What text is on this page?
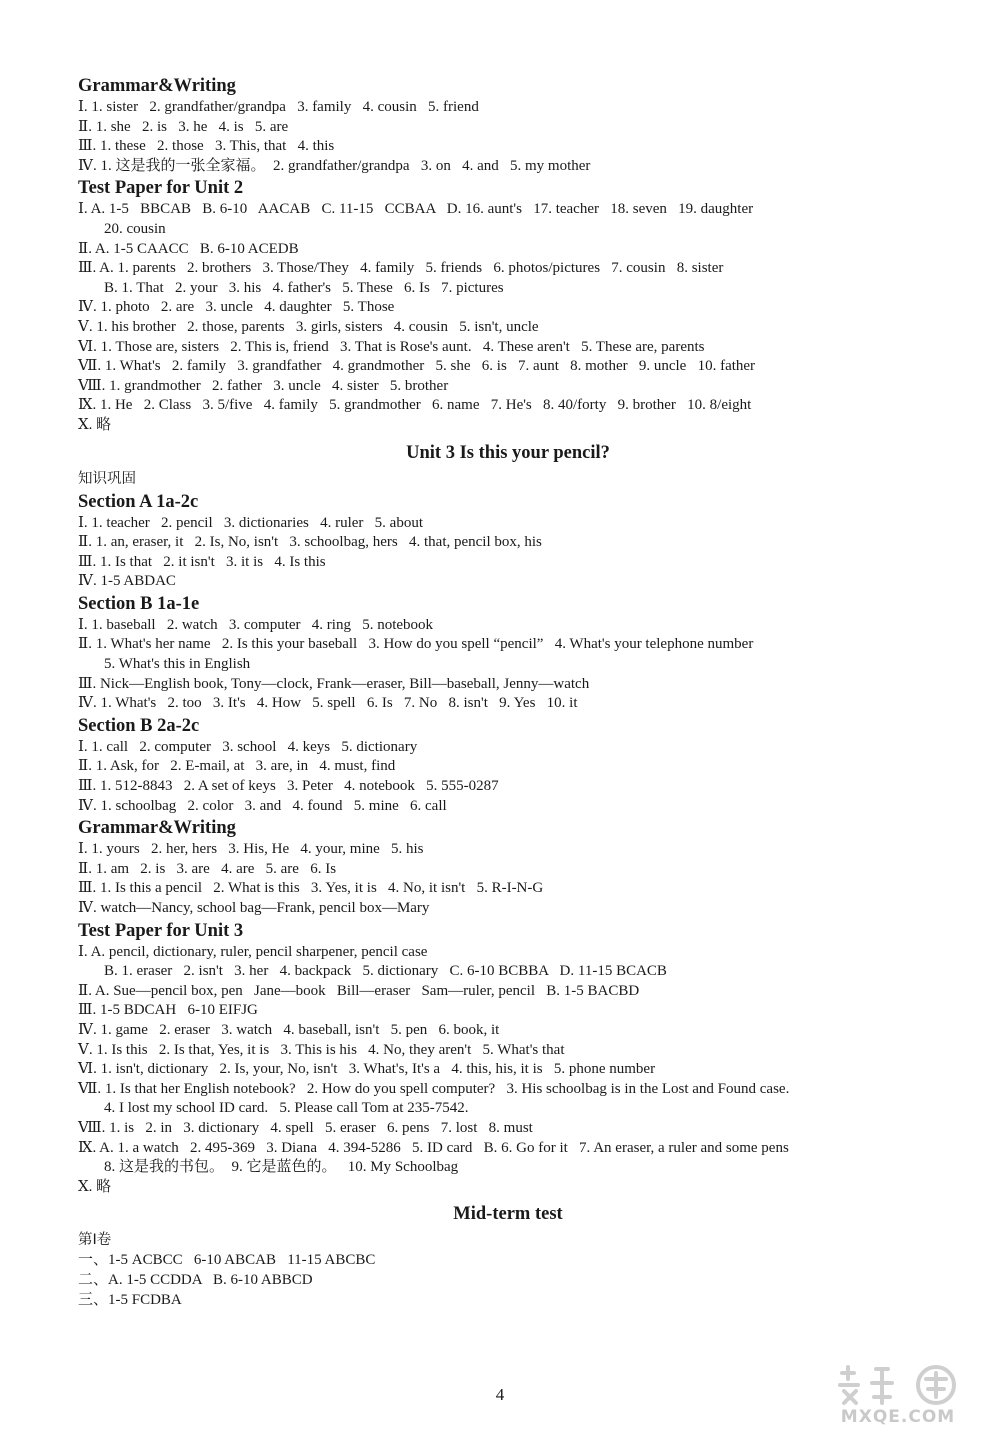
Grammar&Writing
Ⅰ. 1. sister   2. grandfather/grandpa   3. family   4. cousin   5. friend
Ⅱ. 1. she   2. is   3. he   4. is   5. are
Ⅲ. 1. these   2. those   3. This, that   4. this
Ⅳ. 1. 这是我的一张全家福。  2. grandfather/grandpa   3. on   4. and   5. my mother
Test Paper for Unit 2
Ⅰ. A. 1-5   BBCAB   B. 6-10   AACAB   C. 11-15   CCBAA   D. 16. aunt's   17. teacher   18. seven   19. daughter
20. cousin
Ⅱ. A. 1-5 CAACC   B. 6-10 ACEDB
Ⅲ. A. 1. parents   2. brothers   3. Those/They   4. family   5. friends   6. photos/pictures   7. cousin   8. sister
B. 1. That   2. your   3. his   4. father's   5. These   6. Is   7. pictures
Ⅳ. 1. photo   2. are   3. uncle   4. daughter   5. Those
Ⅴ. 1. his brother   2. those, parents   3. girls, sisters   4. cousin   5. isn't, uncle
Ⅵ. 1. Those are, sisters   2. This is, friend   3. That is Rose's aunt.   4. These aren't   5. These are, parents
Ⅶ. 1. What's   2. family   3. grandfather   4. grandmother   5. she   6. is   7. aunt   8. mother   9. uncle   10. father
Ⅷ. 1. grandmother   2. father   3. uncle   4. sister   5. brother
Ⅸ. 1. He   2. Class   3. 5/five   4. family   5. grandmother   6. name   7. He's   8. 40/forty   9. brother   10. 8/eight
Ⅹ. 略
Unit 3 Is this your pencil?
知识巩固
Section A 1a-2c
Ⅰ. 1. teacher   2. pencil   3. dictionaries   4. ruler   5. about
Ⅱ. 1. an, eraser, it   2. Is, No, isn't   3. schoolbag, hers   4. that, pencil box, his
Ⅲ. 1. Is that   2. it isn't   3. it is   4. Is this
Ⅳ. 1-5 ABDAC
Section B 1a-1e
Ⅰ. 1. baseball   2. watch   3. computer   4. ring   5. notebook
Ⅱ. 1. What's her name   2. Is this your baseball   3. How do you spell “pencil”   4. What's your telephone number
5. What's this in English
Ⅲ. Nick—English book, Tony—clock, Frank—eraser, Bill—baseball, Jenny—watch
Ⅳ. 1. What's   2. too   3. It's   4. How   5. spell   6. Is   7. No   8. isn't   9. Yes   10. it
Section B 2a-2c
Ⅰ. 1. call   2. computer   3. school   4. keys   5. dictionary
Ⅱ. 1. Ask, for   2. E-mail, at   3. are, in   4. must, find
Ⅲ. 1. 512-8843   2. A set of keys   3. Peter   4. notebook   5. 555-0287
Ⅳ. 1. schoolbag   2. color   3. and   4. found   5. mine   6. call
Grammar&Writing
Ⅰ. 1. yours   2. her, hers   3. His, He   4. your, mine   5. his
Ⅱ. 1. am   2. is   3. are   4. are   5. are   6. Is
Ⅲ. 1. Is this a pencil   2. What is this   3. Yes, it is   4. No, it isn't   5. R-I-N-G
Ⅳ. watch—Nancy, school bag—Frank, pencil box—Mary
Test Paper for Unit 3
Ⅰ. A. pencil, dictionary, ruler, pencil sharpener, pencil case
B. 1. eraser   2. isn't   3. her   4. backpack   5. dictionary   C. 6-10 BCBBA   D. 11-15 BCACB
Ⅱ. A. Sue—pencil box, pen   Jane—book   Bill—eraser   Sam—ruler, pencil   B. 1-5 BACBD
Ⅲ. 1-5 BDCAH   6-10 EIFJG
Ⅳ. 1. game   2. eraser   3. watch   4. baseball, isn't   5. pen   6. book, it
Ⅴ. 1. Is this   2. Is that, Yes, it is   3. This is his   4. No, they aren't   5. What's that
Ⅵ. 1. isn't, dictionary   2. Is, your, No, isn't   3. What's, It's a   4. this, his, it is   5. phone number
Ⅶ. 1. Is that her English notebook?   2. How do you spell computer?   3. His schoolbag is in the Lost and Found case.
4. I lost my school ID card.   5. Please call Tom at 235-7542.
Ⅷ. 1. is   2. in   3. dictionary   4. spell   5. eraser   6. pens   7. lost   8. must
Ⅸ. A. 1. a watch   2. 495-369   3. Diana   4. 394-5286   5. ID card   B. 6. Go for it   7. An eraser, a ruler and some pens
8. 这是我的书包。  9. 它是蓝色的。   10. My Schoolbag
Ⅹ. 略
Mid-term test
第Ⅰ卷
一、1-5 ACBCC   6-10 ABCAB   11-15 ABCBC
二、A. 1-5 CCDDA   B. 6-10 ABBCD
三、1-5 FCDBA
4
MXQE.COM
